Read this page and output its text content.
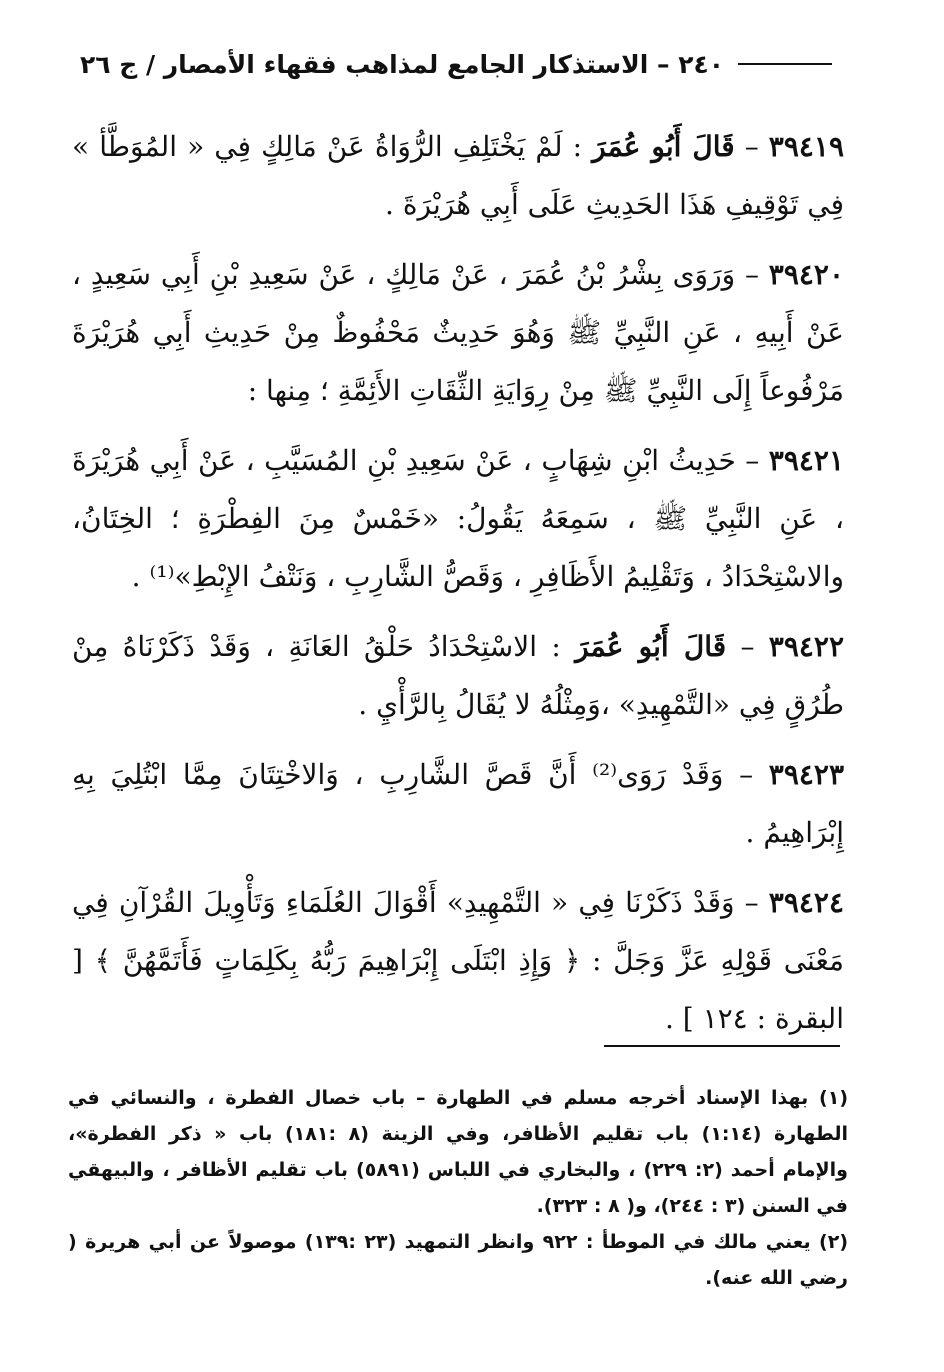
٢٤٠ – الاستذكار الجامع لمذاهب فقهاء الأمصار / ج ٢٦

٣٩٤١٩ – قَالَ أَبُو عُمَرَ : لَمْ يَخْتَلِفِ الرُّوَاةُ عَنْ مَالِكٍ فِي « المُوَطَّأ » فِي تَوْقِيفِ هَذَا الحَدِيثِ عَلَى أَبِي هُرَيْرَةَ .

٣٩٤٢٠ – وَرَوَى بِشْرُ بْنُ عُمَرَ ، عَنْ مَالِكٍ ، عَنْ سَعِيدِ بْنِ أَبِي سَعِيدٍ ، عَنْ أَبِيهِ ، عَنِ النَّبِيِّ ﷺ وَهُوَ حَدِيثٌ مَحْفُوظٌ مِنْ حَدِيثِ أَبِي هُرَيْرَةَ مَرْفُوعاً إِلَى النَّبِيِّ ﷺ مِنْ رِوَايَةِ الثِّقَاتِ الأَئِمَّةِ ؛ مِنها :

٣٩٤٢١ – حَدِيثُ ابْنِ شِهَابٍ ، عَنْ سَعِيدِ بْنِ المُسَيَّبِ ، عَنْ أَبِي هُرَيْرَةَ ، عَنِ النَّبِيِّ ﷺ ، سَمِعَهُ يَقُولُ: «خَمْسٌ مِنَ الفِطْرَةِ ؛ الخِتَانُ، والاسْتِحْدَادُ ، وَتَقْلِيمُ الأَظَافِرِ ، وَقَصُّ الشَّارِبِ ، وَنَتْفُ الإِبْطِ»⁽¹⁾ .

٣٩٤٢٢ – قَالَ أَبُو عُمَرَ : الاسْتِحْدَادُ حَلْقُ العَانَةِ ، وَقَدْ ذَكَرْنَاهُ مِنْ طُرُقٍ فِي «التَّمْهِيدِ» ،وَمِثْلُهُ لا يُقَالُ بِالرَّأْيِ .

٣٩٤٢٣ – وَقَدْ رَوَى⁽²⁾ أَنَّ قَصَّ الشَّارِبِ ، وَالاخْتِتَانَ مِمَّا ابْتُلِيَ بِهِ إِبْرَاهِيمُ .

٣٩٤٢٤ – وَقَدْ ذَكَرْنَا فِي « التَّمْهِيدِ» أَقْوَالَ العُلَمَاءِ وَتَأْوِيلَ القُرْآنِ فِي مَعْنَى قَوْلِهِ عَزَّ وَجَلَّ : ﴿ وَإِذِ ابْتَلَى إِبْرَاهِيمَ رَبُّهُ بِكَلِمَاتٍ فَأَتَمَّهُنَّ ﴾ [ البقرة : ١٢٤ ] .

(١) بهذا الإسناد أخرجه مسلم في الطهارة – باب خصال الفطرة ، والنسائي في الطهارة (١:١٤) باب تقليم الأظافر، وفي الزينة (٨ :١٨١) باب « ذكر الفطرة»، والإمام أحمد (٢: ٢٢٩) ، والبخاري في اللباس (٥٨٩١) باب تقليم الأظافر ، والبيهقي في السنن (٣ : ٢٤٤)، و( ٨ : ٣٢٣).

(٢) يعني مالك في الموطأ : ٩٢٢ وانظر التمهيد (٢٣ :١٣٩) موصولاً عن أبي هريرة ( رضي الله عنه).
